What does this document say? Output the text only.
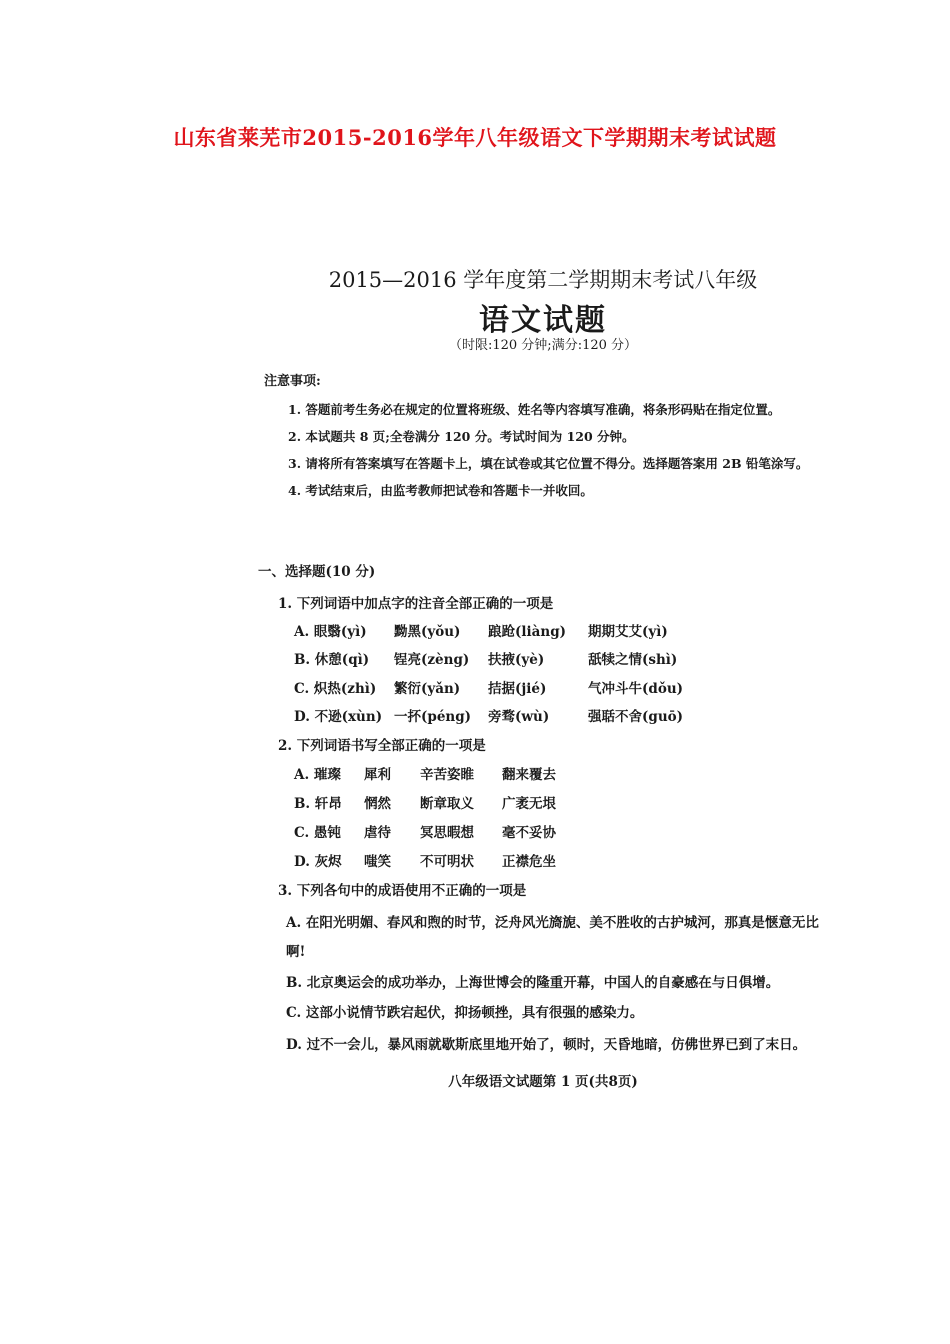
山东省莱芜市2015-2016学年八年级语文下学期期末考试试题
2015—2016 学年度第二学期期末考试八年级
语文试题
（时限:120 分钟;满分:120 分）
注意事项:
1. 答题前考生务必在规定的位置将班级、姓名等内容填写准确，将条形码贴在指定位置。
2. 本试题共 8 页;全卷满分 120 分。考试时间为 120 分钟。
3. 请将所有答案填写在答题卡上，填在试卷或其它位置不得分。选择题答案用 2B 铅笔涂写。
4. 考试结束后，由监考教师把试卷和答题卡一并收回。
一、选择题(10 分)
1. 下列词语中加点字的注音全部正确的一项是
A. 眼翳(yì) 黝黑(yǒu) 踉跄(liàng) 期期艾艾(yì)
B. 休憩(qì) 锃亮(zèng) 扶掖(yè)	舐犊之情(shì)
C. 炽热(zhì) 繁衍(yǎn) 拮据(jié)	气冲斗牛(dǒu)
D. 不逊(xùn) 一抔(péng) 旁骛(wù)	强聒不舍(guō)
2. 下列词语书写全部正确的一项是
A. 璀璨 犀利 辛苦姿睢 翻来覆去
B. 轩昂 惘然 断章取义 广袤无垠
C. 愚钝 虐待 冥思暇想 毫不妥协
D. 灰烬 嗤笑 不可明状 正襟危坐
3. 下列各句中的成语使用不正确的一项是
A. 在阳光明媚、春风和煦的时节，泛舟风光旖旎、美不胜收的古护城河，那真是惬意无比
啊!
B. 北京奥运会的成功举办，上海世博会的隆重开幕，中国人的自豪感在与日俱增。
C. 这部小说情节跌宕起伏，抑扬顿挫，具有很强的感染力。
D. 过不一会儿，暴风雨就歇斯底里地开始了，顿时，天昏地暗，仿佛世界已到了末日。
八年级语文试题第 1 页(共8页)
